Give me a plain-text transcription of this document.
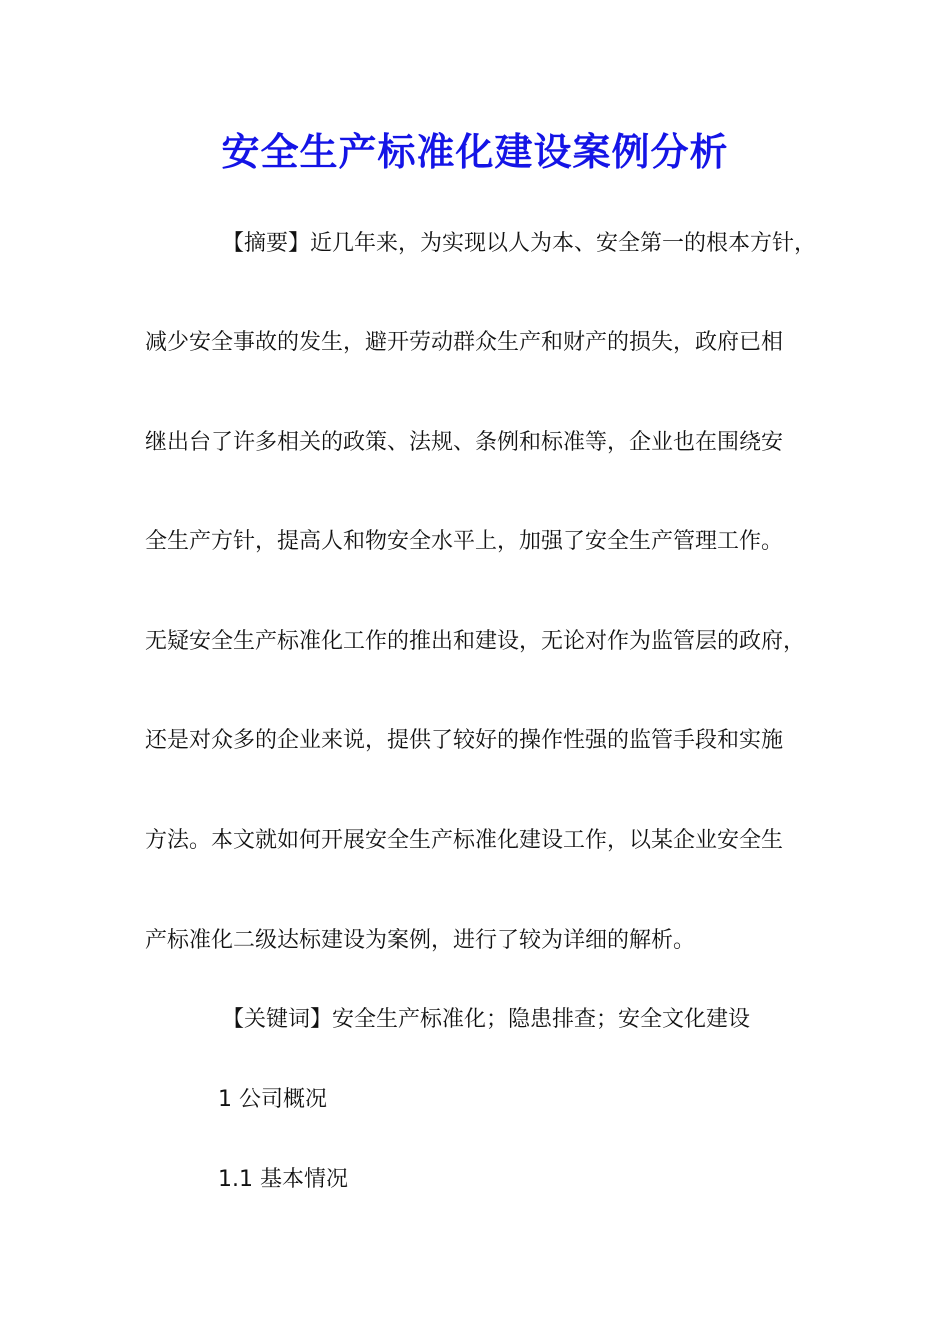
安全生产标准化建设案例分析
【摘要】近几年来，为实现以人为本、安全第一的根本方针，
减少安全事故的发生，避开劳动群众生产和财产的损失，政府已相
继出台了许多相关的政策、法规、条例和标准等，企业也在围绕安
全生产方针，提高人和物安全水平上，加强了安全生产管理工作。
无疑安全生产标准化工作的推出和建设，无论对作为监管层的政府，
还是对众多的企业来说，提供了较好的操作性强的监管手段和实施
方法。本文就如何开展安全生产标准化建设工作，以某企业安全生
产标准化二级达标建设为案例，进行了较为详细的解析。
【关键词】安全生产标准化；隐患排查；安全文化建设
1 公司概况
1.1 基本情况
